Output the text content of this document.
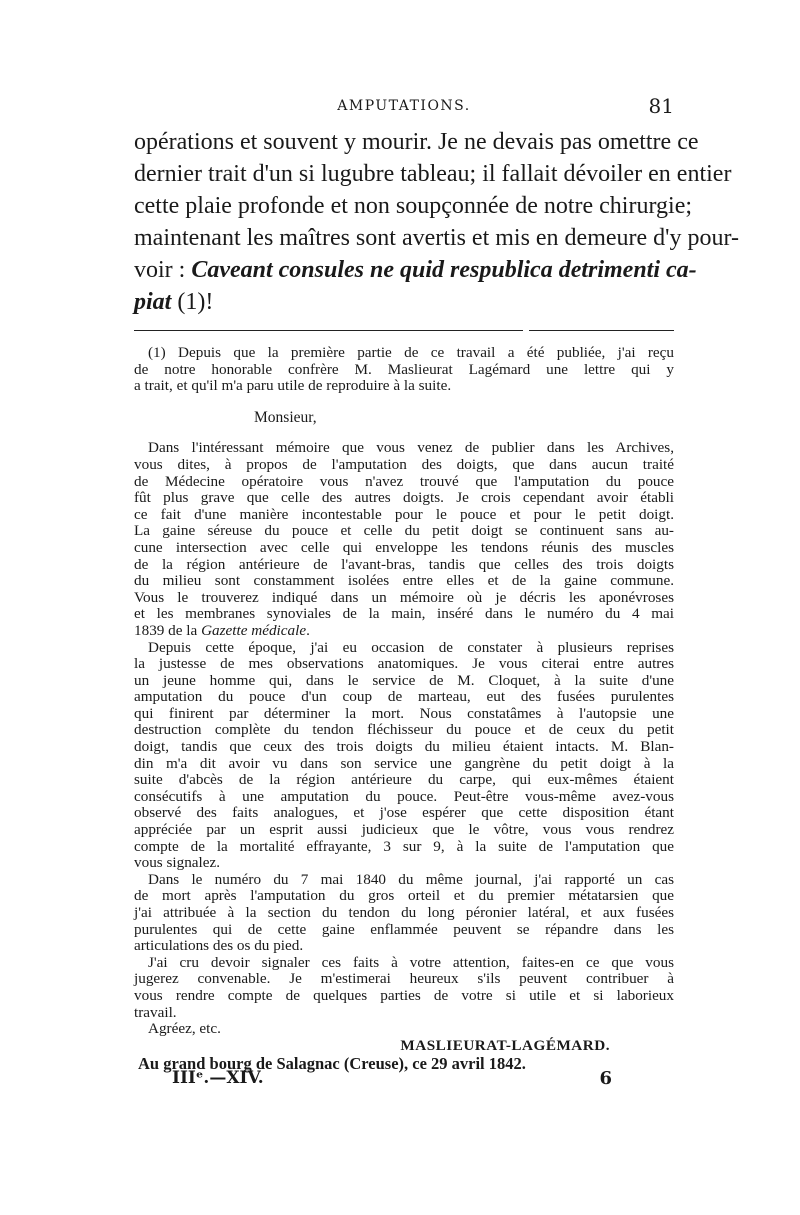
AMPUTATIONS.	81
opérations et souvent y mourir. Je ne devais pas omettre ce
dernier trait d'un si lugubre tableau; il fallait dévoiler en entier
cette plaie profonde et non soupçonnée de notre chirurgie;
maintenant les maîtres sont avertis et mis en demeure d'y pour-
voir : Caveant consules ne quid respublica detrimenti ca-
piat (1)!
(1) Depuis que la première partie de ce travail a été publiée, j'ai reçu
de notre honorable confrère M. Maslieurat Lagémard une lettre qui y
a trait, et qu'il m'a paru utile de reproduire à la suite.
Monsieur,
Dans l'intéressant mémoire que vous venez de publier dans les Archives,
vous dites, à propos de l'amputation des doigts, que dans aucun traité
de Médecine opératoire vous n'avez trouvé que l'amputation du pouce
fût plus grave que celle des autres doigts. Je crois cependant avoir établi
ce fait d'une manière incontestable pour le pouce et pour le petit doigt.
La gaine séreuse du pouce et celle du petit doigt se continuent sans au-
cune intersection avec celle qui enveloppe les tendons réunis des muscles
de la région antérieure de l'avant-bras, tandis que celles des trois doigts
du milieu sont constamment isolées entre elles et de la gaine commune.
Vous le trouverez indiqué dans un mémoire où je décris les aponévroses
et les membranes synoviales de la main, inséré dans le numéro du 4 mai
1839 de la Gazette médicale.
Depuis cette époque, j'ai eu occasion de constater à plusieurs reprises
la justesse de mes observations anatomiques. Je vous citerai entre autres
un jeune homme qui, dans le service de M. Cloquet, à la suite d'une
amputation du pouce d'un coup de marteau, eut des fusées purulentes
qui finirent par déterminer la mort. Nous constatâmes à l'autopsie une
destruction complète du tendon fléchisseur du pouce et de ceux du petit
doigt, tandis que ceux des trois doigts du milieu étaient intacts. M. Blan-
din m'a dit avoir vu dans son service une gangrène du petit doigt à la
suite d'abcès de la région antérieure du carpe, qui eux-mêmes étaient
consécutifs à une amputation du pouce. Peut-être vous-même avez-vous
observé des faits analogues, et j'ose espérer que cette disposition étant
appréciée par un esprit aussi judicieux que le vôtre, vous vous rendrez
compte de la mortalité effrayante, 3 sur 9, à la suite de l'amputation que
vous signalez.
Dans le numéro du 7 mai 1840 du même journal, j'ai rapporté un cas
de mort après l'amputation du gros orteil et du premier métatarsien que
j'ai attribuée à la section du tendon du long péronier latéral, et aux fusées
purulentes qui de cette gaine enflammée peuvent se répandre dans les
articulations des os du pied.
J'ai cru devoir signaler ces faits à votre attention, faites-en ce que vous
jugerez convenable. Je m'estimerai heureux s'ils peuvent contribuer à
vous rendre compte de quelques parties de votre si utile et si laborieux
travail.
Agréez, etc.
MASLIEURAT-LAGÉMARD.
Au grand bourg de Salagnac (Creuse), ce 29 avril 1842.
IIIᵉ.—XIV.	6
